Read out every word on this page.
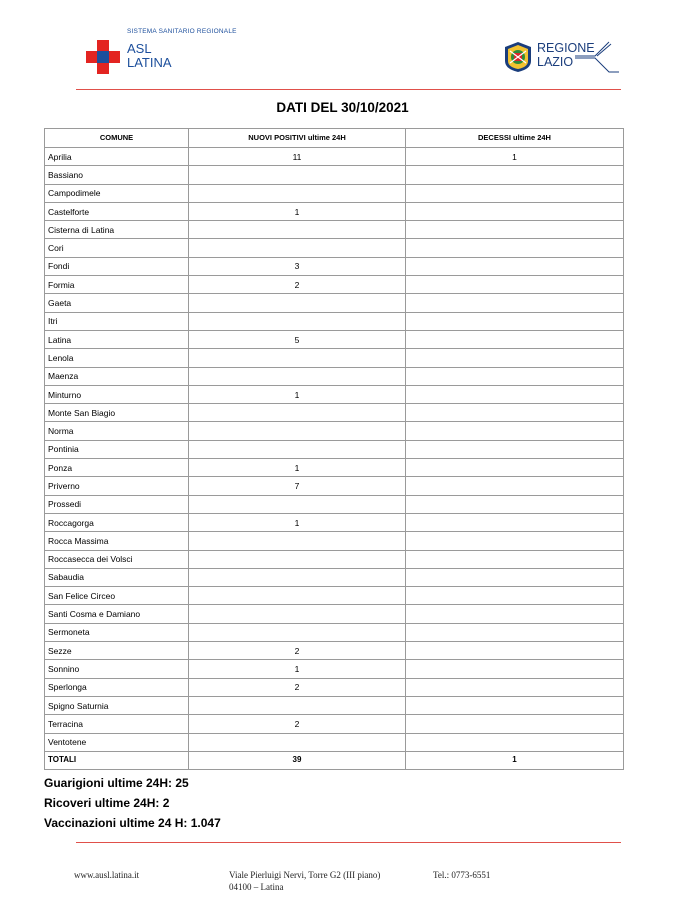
SISTEMA SANITARIO REGIONALE
ASL
LATINA
REGIONE
LAZIO
DATI DEL 30/10/2021
COMUNE	NUOVI POSITIVI ultime 24H	DECESSI ultime 24H
Aprilia	11	1
Bassiano		
Campodimele		
Castelforte	1	
Cisterna di Latina		
Cori		
Fondi	3	
Formia	2	
Gaeta		
Itri		
Latina	5	
Lenola		
Maenza		
Minturno	1	
Monte San Biagio		
Norma		
Pontinia		
Ponza	1	
Priverno	7	
Prossedi		
Roccagorga	1	
Rocca Massima		
Roccasecca dei Volsci		
Sabaudia		
San Felice Circeo		
Santi Cosma e Damiano		
Sermoneta		
Sezze	2	
Sonnino	1	
Sperlonga	2	
Spigno Saturnia		
Terracina	2	
Ventotene		
TOTALI	39	1
Guarigioni ultime 24H: 25
Ricoveri ultime 24H: 2
Vaccinazioni ultime 24 H: 1.047
www.ausl.latina.it	Viale Pierluigi Nervi, Torre G2 (III piano)
04100 – Latina
Tel.: 0773-6551
